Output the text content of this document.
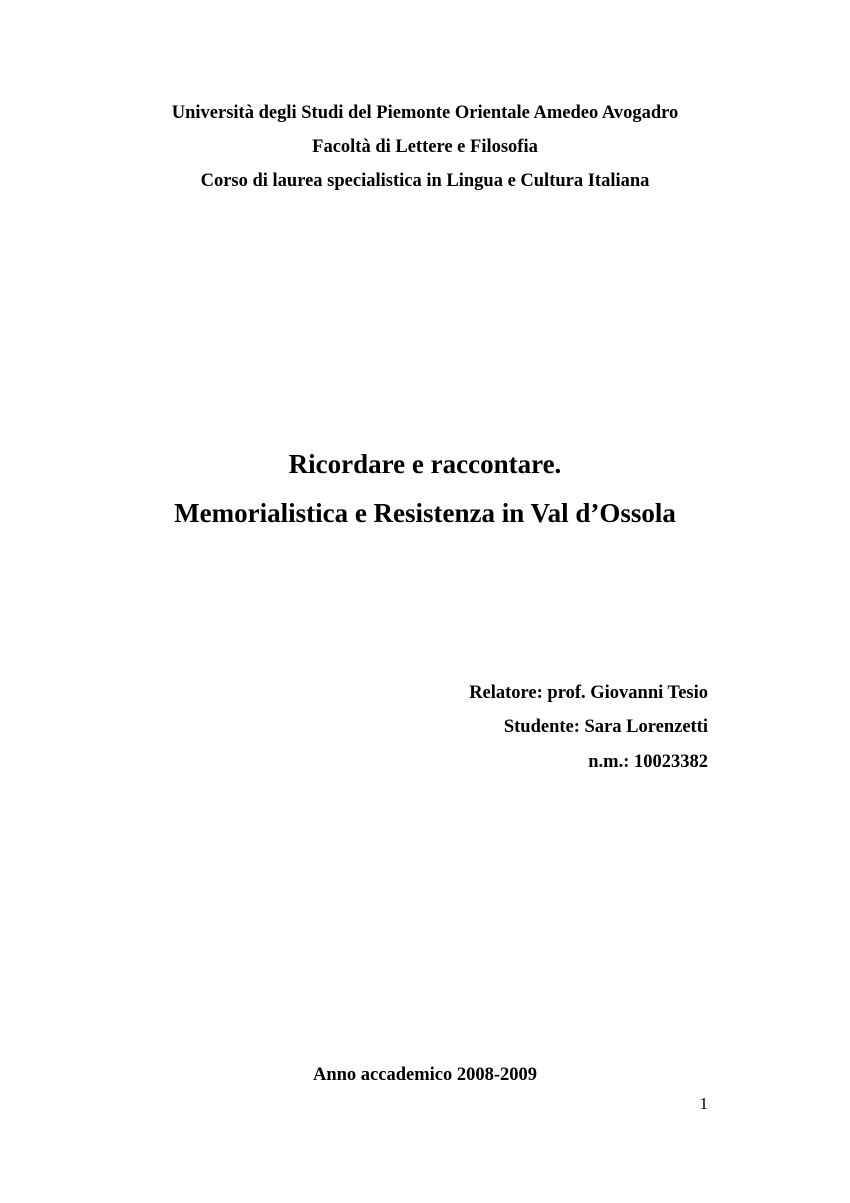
Università degli Studi del Piemonte Orientale Amedeo Avogadro
Facoltà di Lettere e Filosofia
Corso di laurea specialistica in Lingua e Cultura Italiana
Ricordare e raccontare.
Memorialistica e Resistenza in Val d’Ossola
Relatore: prof. Giovanni Tesio
Studente: Sara Lorenzetti
n.m.: 10023382
Anno accademico 2008-2009
1
